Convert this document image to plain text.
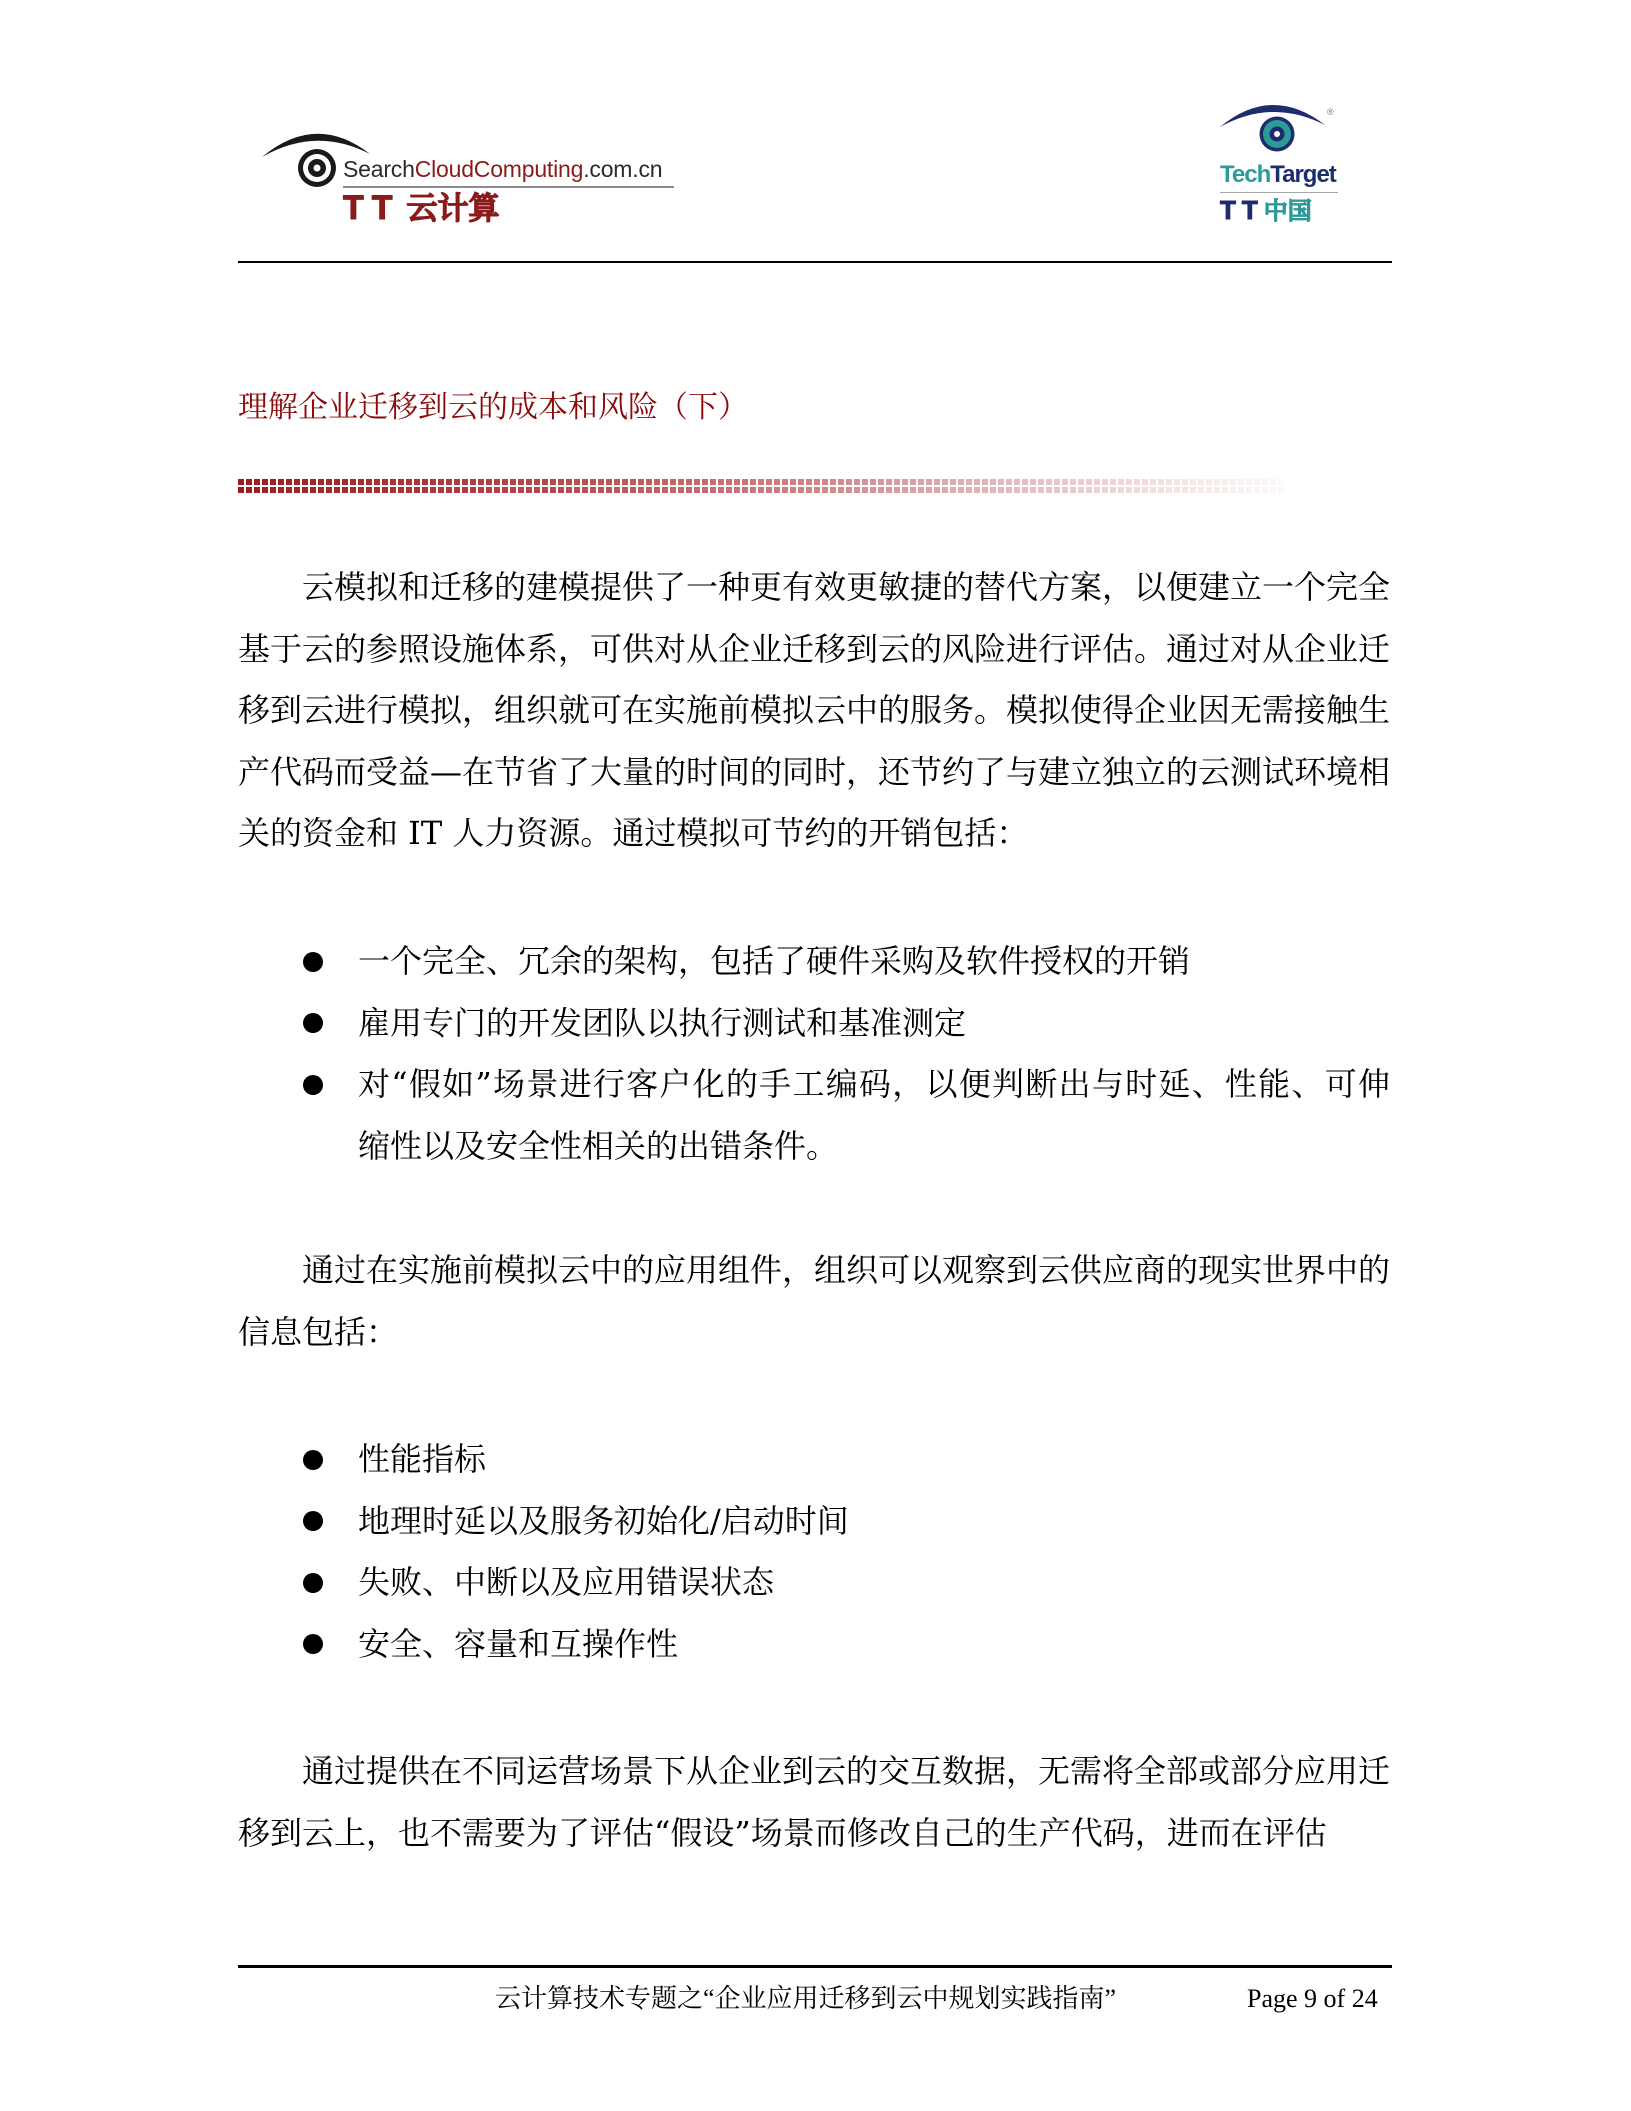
SearchCloudComputing.com.cn
TT 云计算
®
TechTarget
TT中国
理解企业迁移到云的成本和风险（下）
云模拟和迁移的建模提供了一种更有效更敏捷的替代方案，以便建立一个完全
基于云的参照设施体系，可供对从企业迁移到云的风险进行评估。通过对从企业迁
移到云进行模拟，组织就可在实施前模拟云中的服务。模拟使得企业因无需接触生
产代码而受益—在节省了大量的时间的同时，还节约了与建立独立的云测试环境相
关的资金和 IT 人力资源。通过模拟可节约的开销包括：
一个完全、冗余的架构，包括了硬件采购及软件授权的开销
雇用专门的开发团队以执行测试和基准测定
对“假如”场景进行客户化的手工编码，以便判断出与时延、性能、可伸
缩性以及安全性相关的出错条件。
通过在实施前模拟云中的应用组件，组织可以观察到云供应商的现实世界中的
信息包括：
性能指标
地理时延以及服务初始化/启动时间
失败、中断以及应用错误状态
安全、容量和互操作性
通过提供在不同运营场景下从企业到云的交互数据，无需将全部或部分应用迁
移到云上，也不需要为了评估“假设”场景而修改自己的生产代码，进而在评估
云计算技术专题之“企业应用迁移到云中规划实践指南”	Page 9 of 24
